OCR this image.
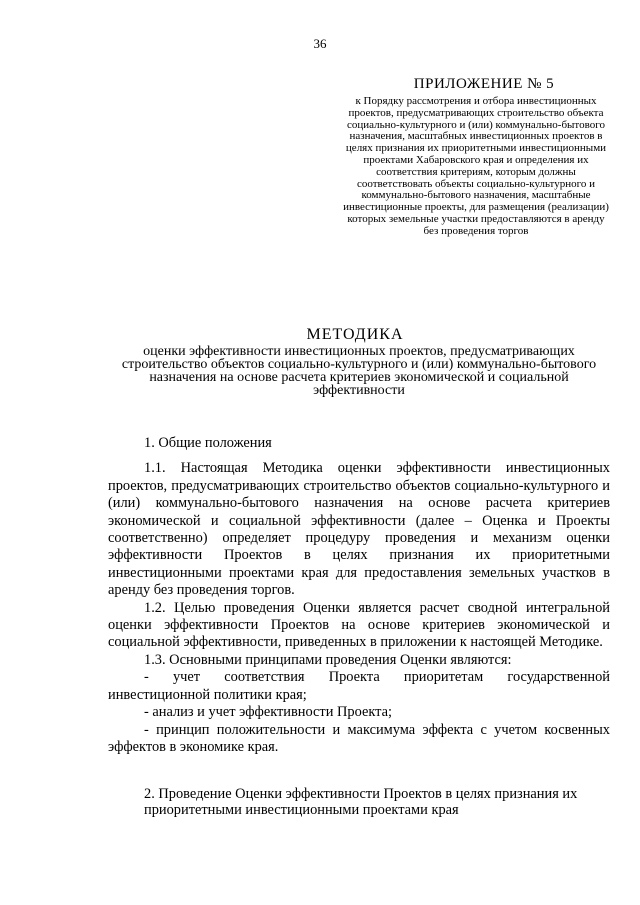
36
ПРИЛОЖЕНИЕ № 5

к Порядку рассмотрения и отбора инвестиционных проектов, предусматривающих строительство объекта социально-культурного и (или) коммунально-бытового назначения, масштабных инвестиционных проектов в целях признания их приоритетными инвестиционными проектами Хабаровского края и определения их соответствия критериям, которым должны соответствовать объекты социально-культурного и коммунально-бытового назначения, масштабные инвестиционные проекты, для размещения (реализации) которых земельные участки предоставляются в аренду без проведения торгов

МЕТОДИКА

оценки эффективности инвестиционных проектов, предусматривающих строительство объектов социально-культурного и (или) коммунально-бытового назначения на основе расчета критериев экономической и социальной эффективности

1. Общие положения

1.1. Настоящая Методика оценки эффективности инвестиционных проектов, предусматривающих строительство объектов социально-культурного и (или) коммунально-бытового назначения на основе расчета критериев экономической и социальной эффективности (далее – Оценка и Проекты соответственно) определяет процедуру проведения и механизм оценки эффективности Проектов в целях признания их приоритетными инвестиционными проектами края для предоставления земельных участков в аренду без проведения торгов.

1.2. Целью проведения Оценки является расчет сводной интегральной оценки эффективности Проектов на основе критериев экономической и социальной эффективности, приведенных в приложении к настоящей Методике.

1.3. Основными принципами проведения Оценки являются:

- учет соответствия Проекта приоритетам государственной инвестиционной политики края;

- анализ и учет эффективности Проекта;

- принцип положительности и максимума эффекта с учетом косвенных эффектов в экономике края.

2. Проведение Оценки эффективности Проектов в целях признания их приоритетными инвестиционными проектами края
